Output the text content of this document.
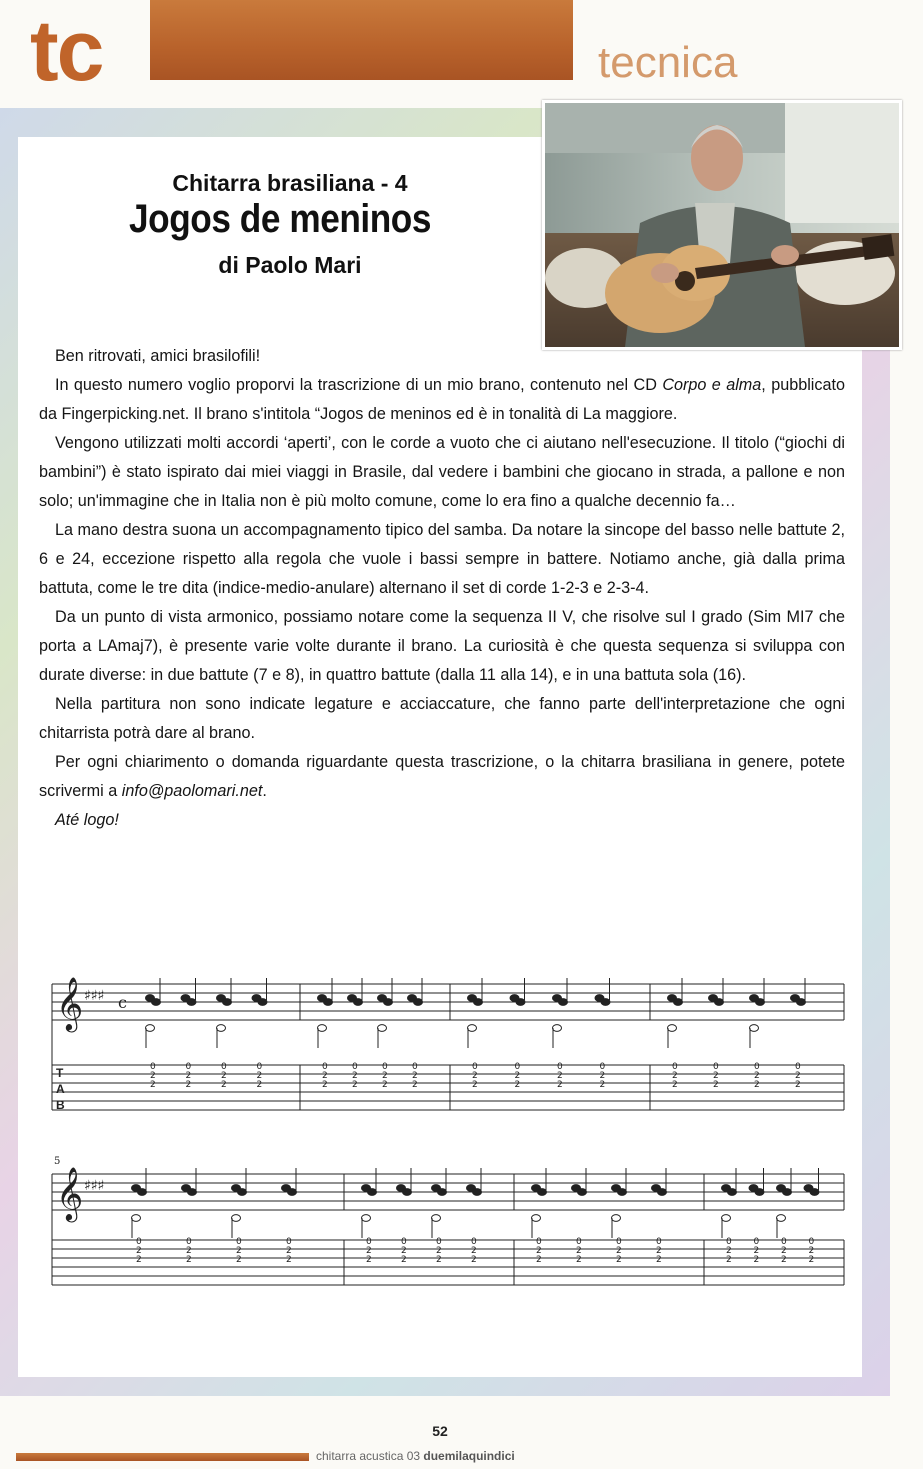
tc	tecnica
Chitarra brasiliana - 4
Jogos de meninos
di Paolo Mari

Ben ritrovati, amici brasilofili!

In questo numero voglio proporvi la trascrizione di un mio brano, contenuto nel CD Corpo e alma, pubblicato da Fingerpicking.net. Il brano s'intitola “Jogos de meninos ed è in tonalità di La maggiore.

Vengono utilizzati molti accordi ‘aperti’, con le corde a vuoto che ci aiutano nell'esecuzione. Il titolo (“giochi di bambini”) è stato ispirato dai miei viaggi in Brasile, dal vedere i bambini che giocano in strada, a pallone e non solo; un'immagine che in Italia non è più molto comune, come lo era fino a qualche decennio fa…

La mano destra suona un accompagnamento tipico del samba. Da notare la sincope del basso nelle battute 2, 6 e 24, eccezione rispetto alla regola che vuole i bassi sempre in battere. Notiamo anche, già dalla prima battuta, come le tre dita (indice-medio-anulare) alternano il set di corde 1-2-3 e 2-3-4.

Da un punto di vista armonico, possiamo notare come la sequenza II V, che risolve sul I grado (Sim MI7 che porta a LAmaj7), è presente varie volte durante il brano. La curiosità è che questa sequenza si sviluppa con durate diverse: in due battute (7 e 8), in quattro battute (dalla 11 alla 14), e in una battuta sola (16).

Nella partitura non sono indicate legature e acciaccature, che fanno parte dell'interpretazione che ogni chitarrista potrà dare al brano.

Per ogni chiarimento o domanda riguardante questa trascrizione, o la chitarra brasiliana in genere, potete scrivermi a info@paolomari.net.

Até logo!

𝄞 ♯♯♯ c
T
A
B
0
2
2
0
2
2
0
2
2
0
2
2
0
2
2
0
2
2
0
2
2
0
2
2
0
2
2
0
2
2
0
2
2
0
2
2
0
2
2
0
2
2
0
2
2
0
2
2
5
𝄞 ♯♯♯
0
2
2
0
2
2
0
2
2
0
2
2
0
2
2
0
2
2
0
2
2
0
2
2
0
2
2
0
2
2
0
2
2
0
2
2
0
2
2
0
2
2
0
2
2
0
2
2
52
chitarra acustica 03 duemilaquindici
